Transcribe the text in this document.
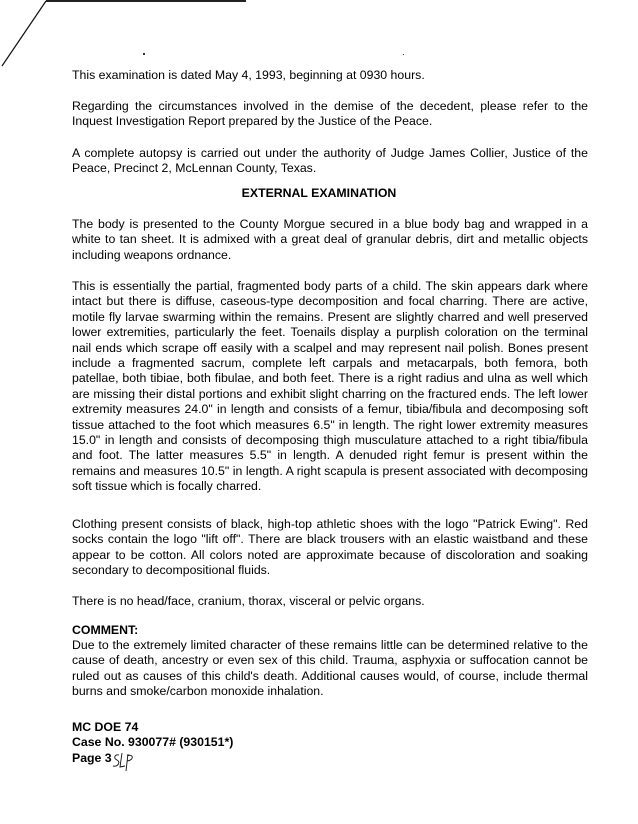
This examination is dated May 4, 1993, beginning at 0930 hours.

Regarding the circumstances involved in the demise of the decedent, please refer to the Inquest Investigation Report prepared by the Justice of the Peace.

A complete autopsy is carried out under the authority of Judge James Collier, Justice of the Peace, Precinct 2, McLennan County, Texas.

EXTERNAL EXAMINATION

The body is presented to the County Morgue secured in a blue body bag and wrapped in a white to tan sheet. It is admixed with a great deal of granular debris, dirt and metallic objects including weapons ordnance.

This is essentially the partial, fragmented body parts of a child. The skin appears dark where intact but there is diffuse, caseous-type decomposition and focal charring. There are active, motile fly larvae swarming within the remains. Present are slightly charred and well preserved lower extremities, particularly the feet. Toenails display a purplish coloration on the terminal nail ends which scrape off easily with a scalpel and may represent nail polish. Bones present include a fragmented sacrum, complete left carpals and metacarpals, both femora, both patellae, both tibiae, both fibulae, and both feet. There is a right radius and ulna as well which are missing their distal portions and exhibit slight charring on the fractured ends. The left lower extremity measures 24.0" in length and consists of a femur, tibia/fibula and decomposing soft tissue attached to the foot which measures 6.5" in length. The right lower extremity measures 15.0" in length and consists of decomposing thigh musculature attached to a right tibia/fibula and foot. The latter measures 5.5" in length. A denuded right femur is present within the remains and measures 10.5" in length. A right scapula is present associated with decomposing soft tissue which is focally charred.

Clothing present consists of black, high-top athletic shoes with the logo "Patrick Ewing". Red socks contain the logo "lift off". There are black trousers with an elastic waistband and these appear to be cotton. All colors noted are approximate because of discoloration and soaking secondary to decompositional fluids.

There is no head/face, cranium, thorax, visceral or pelvic organs.

COMMENT:

Due to the extremely limited character of these remains little can be determined relative to the cause of death, ancestry or even sex of this child. Trauma, asphyxia or suffocation cannot be ruled out as causes of this child's death. Additional causes would, of course, include thermal burns and smoke/carbon monoxide inhalation.

MC DOE 74
Case No. 930077# (930151*)
Page 3
